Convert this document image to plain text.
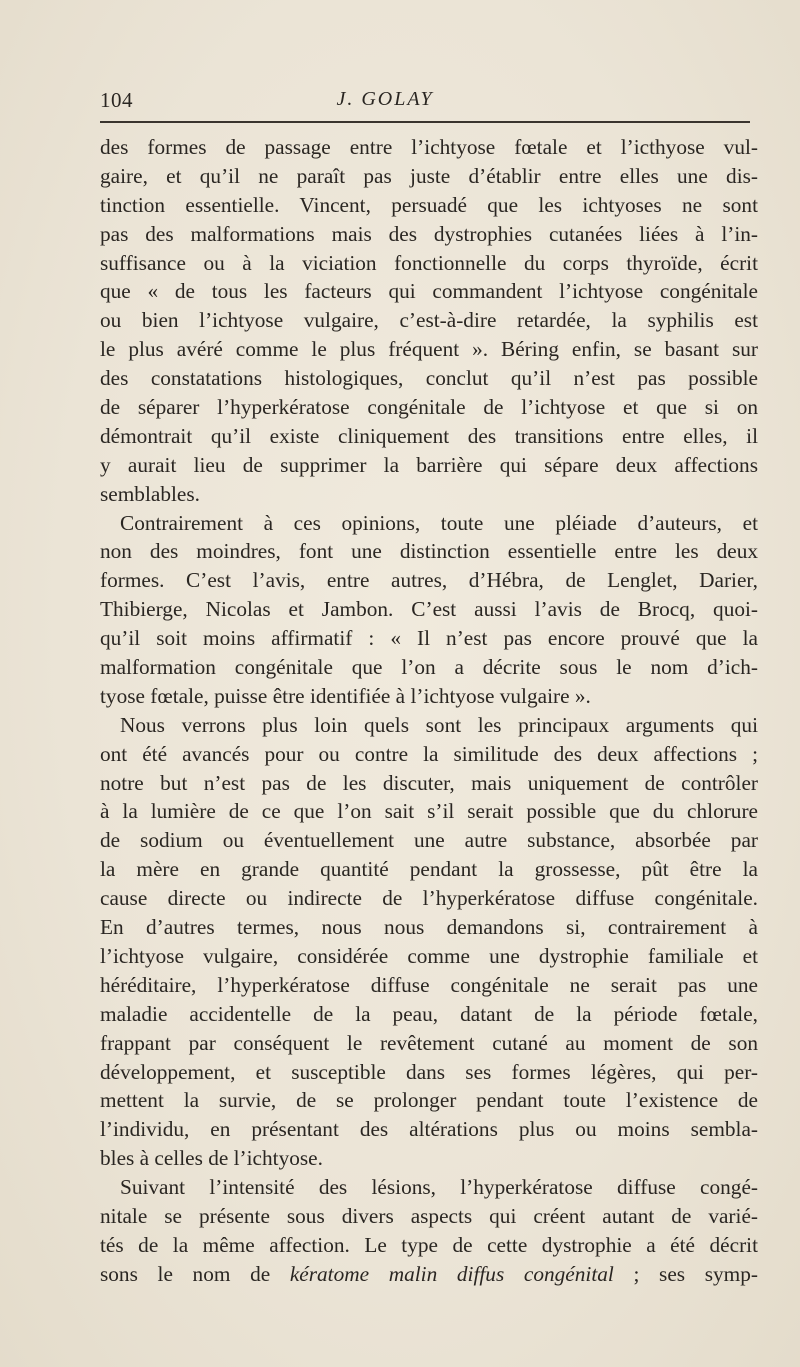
104	J. GOLAY
des formes de passage entre l’ichtyose fœtale et l’icthyose vul-
gaire, et qu’il ne paraît pas juste d’établir entre elles une dis-
tinction essentielle. Vincent, persuadé que les ichtyoses ne sont
pas des malformations mais des dystrophies cutanées liées à l’in-
suffisance ou à la viciation fonctionnelle du corps thyroïde, écrit
que « de tous les facteurs qui commandent l’ichtyose congénitale
ou bien l’ichtyose vulgaire, c’est-à-dire retardée, la syphilis est
le plus avéré comme le plus fréquent ». Béring enfin, se basant sur
des constatations histologiques, conclut qu’il n’est pas possible
de séparer l’hyperkératose congénitale de l’ichtyose et que si on
démontrait qu’il existe cliniquement des transitions entre elles, il
y aurait lieu de supprimer la barrière qui sépare deux affections
semblables.
Contrairement à ces opinions, toute une pléiade d’auteurs, et
non des moindres, font une distinction essentielle entre les deux
formes. C’est l’avis, entre autres, d’Hébra, de Lenglet, Darier,
Thibierge, Nicolas et Jambon. C’est aussi l’avis de Brocq, quoi-
qu’il soit moins affirmatif : « Il n’est pas encore prouvé que la
malformation congénitale que l’on a décrite sous le nom d’ich-
tyose fœtale, puisse être identifiée à l’ichtyose vulgaire ».
Nous verrons plus loin quels sont les principaux arguments qui
ont été avancés pour ou contre la similitude des deux affections ;
notre but n’est pas de les discuter, mais uniquement de contrôler
à la lumière de ce que l’on sait s’il serait possible que du chlorure
de sodium ou éventuellement une autre substance, absorbée par
la mère en grande quantité pendant la grossesse, pût être la
cause directe ou indirecte de l’hyperkératose diffuse congénitale.
En d’autres termes, nous nous demandons si, contrairement à
l’ichtyose vulgaire, considérée comme une dystrophie familiale et
héréditaire, l’hyperkératose diffuse congénitale ne serait pas une
maladie accidentelle de la peau, datant de la période fœtale,
frappant par conséquent le revêtement cutané au moment de son
développement, et susceptible dans ses formes légères, qui per-
mettent la survie, de se prolonger pendant toute l’existence de
l’individu, en présentant des altérations plus ou moins sembla-
bles à celles de l’ichtyose.
Suivant l’intensité des lésions, l’hyperkératose diffuse congé-
nitale se présente sous divers aspects qui créent autant de varié-
tés de la même affection. Le type de cette dystrophie a été décrit
sons le nom de kératome malin diffus congénital ; ses symp-
